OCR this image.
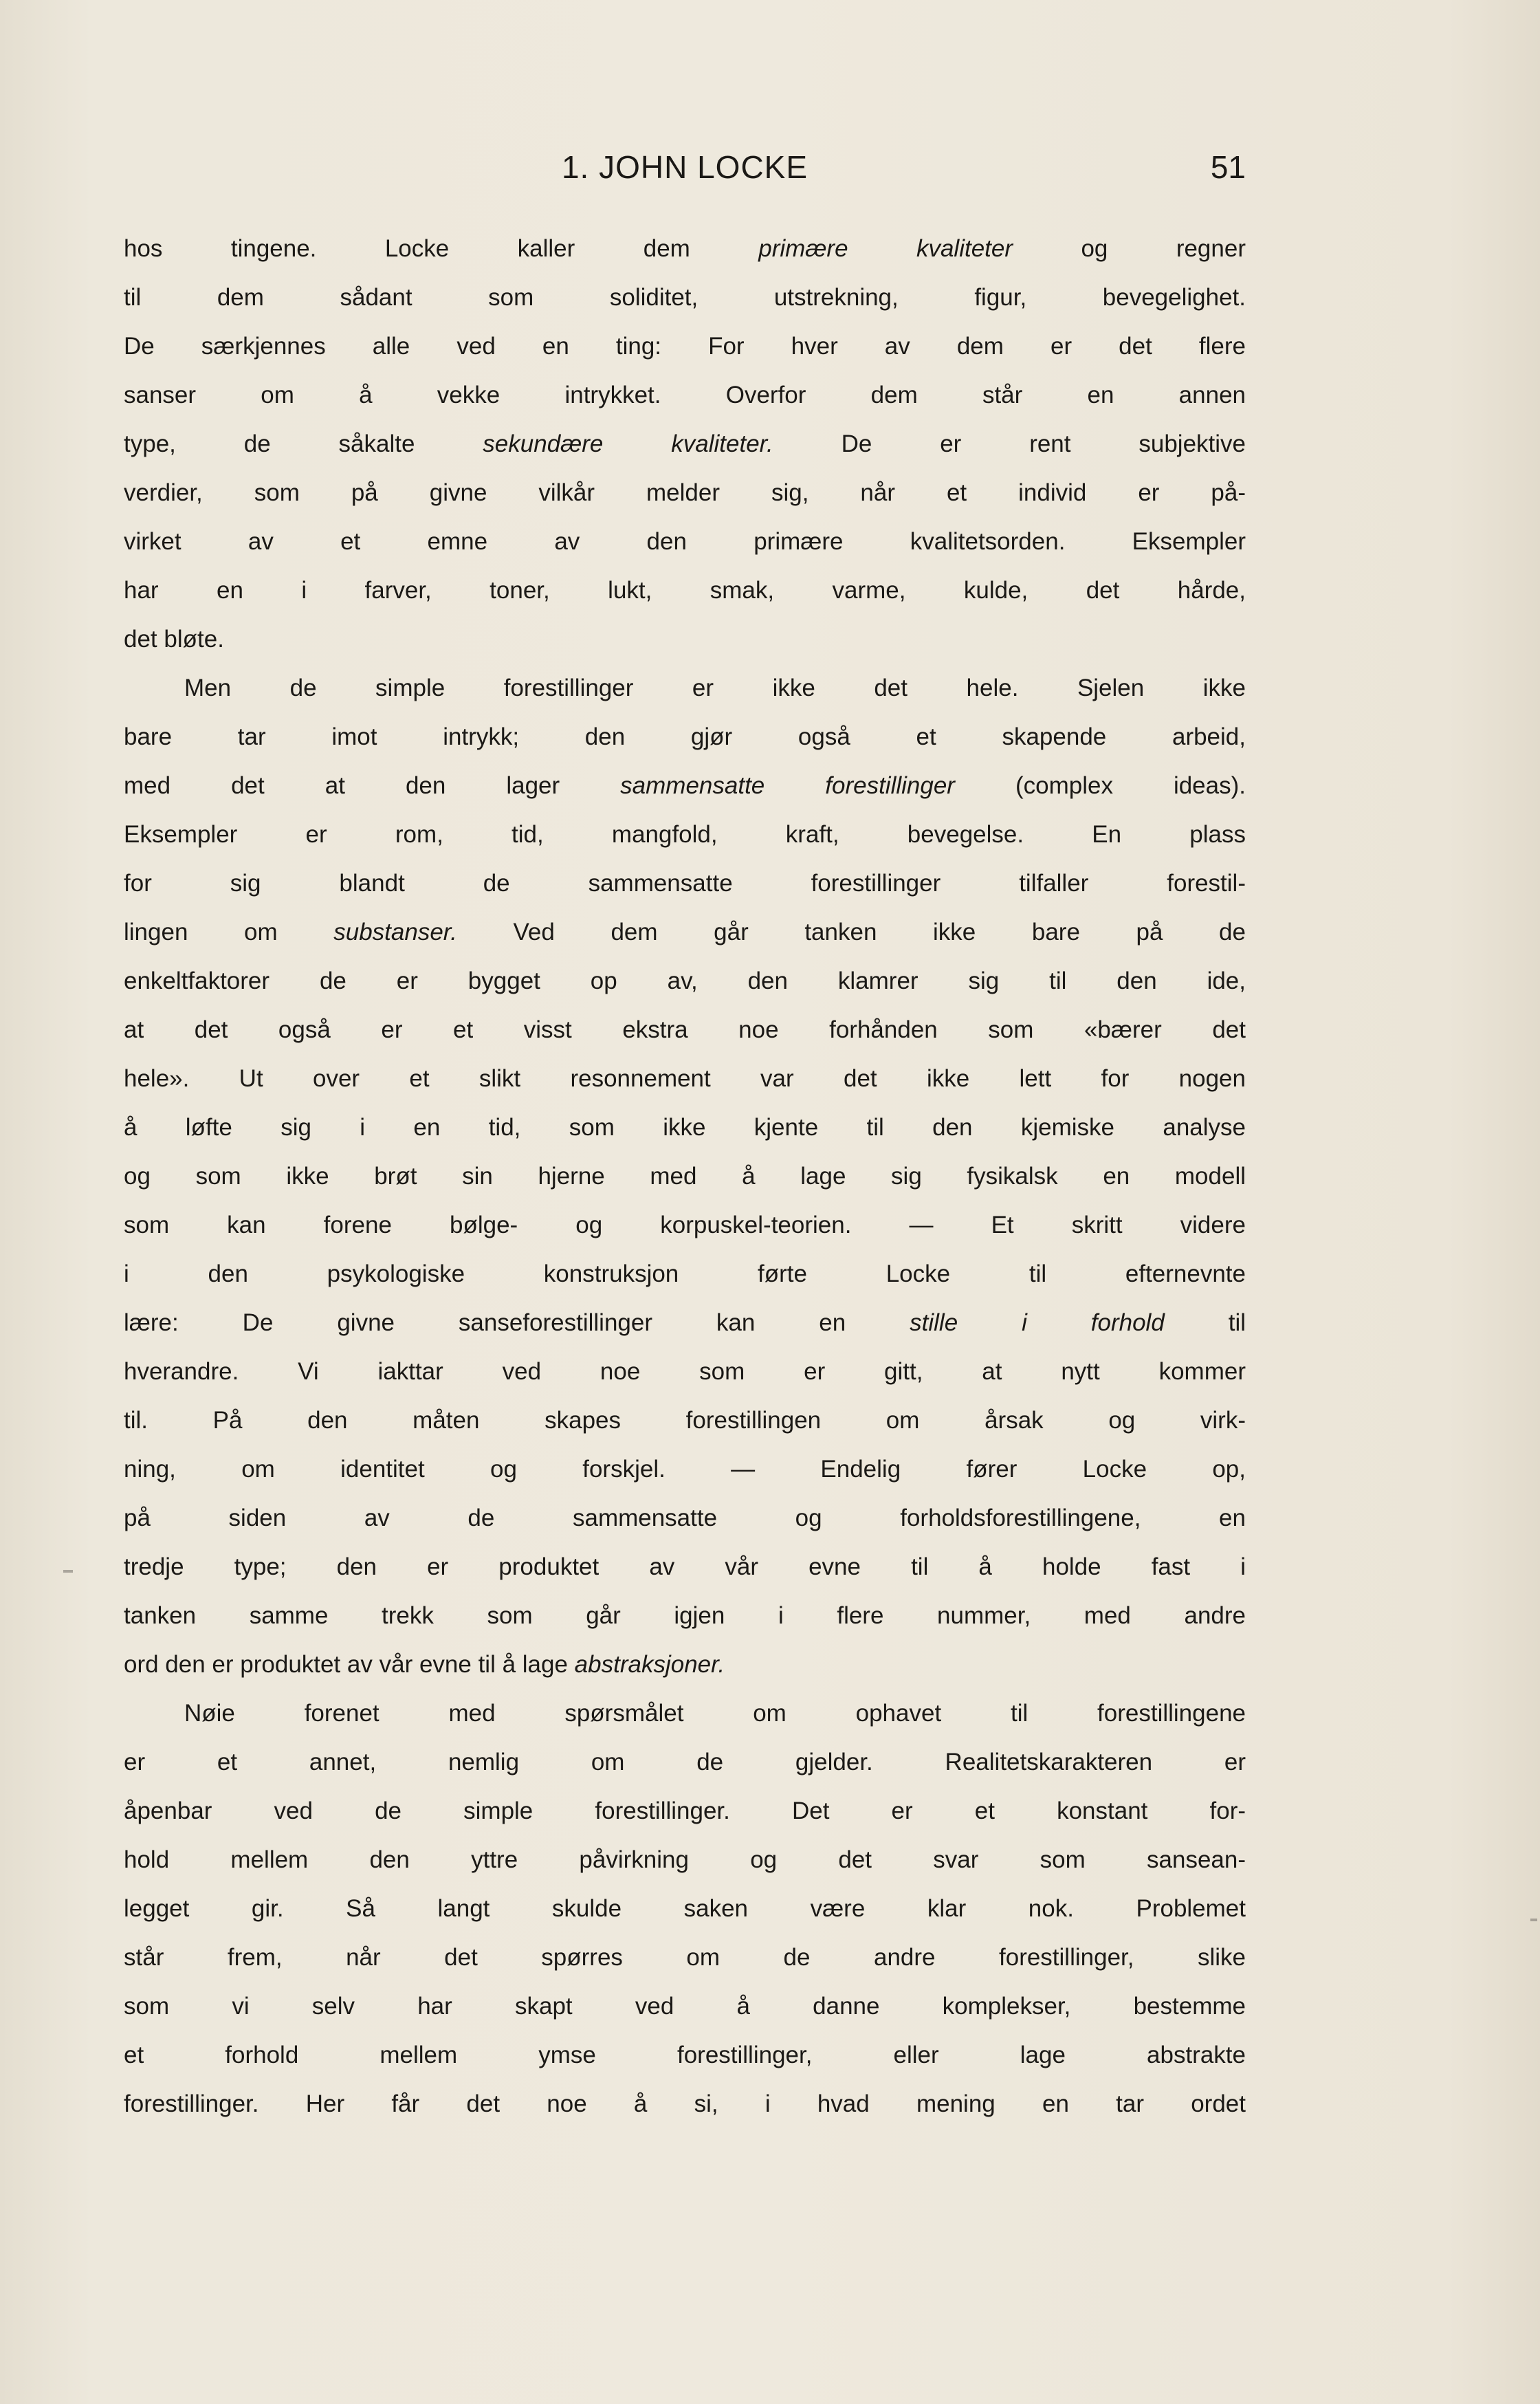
1. JOHN LOCKE	51
hos tingene. Locke kaller dem primære kvaliteter og regner
til dem sådant som soliditet, utstrekning, figur, bevegelighet.
De særkjennes alle ved en ting: For hver av dem er det flere
sanser om å vekke intrykket. Overfor dem står en annen
type, de såkalte sekundære kvaliteter. De er rent subjektive
verdier, som på givne vilkår melder sig, når et individ er på-
virket av et emne av den primære kvalitetsorden. Eksempler
har en i farver, toner, lukt, smak, varme, kulde, det hårde,
det bløte.
Men de simple forestillinger er ikke det hele. Sjelen ikke
bare tar imot intrykk; den gjør også et skapende arbeid,
med det at den lager sammensatte forestillinger (complex ideas).
Eksempler er rom, tid, mangfold, kraft, bevegelse. En plass
for sig blandt de sammensatte forestillinger tilfaller forestil-
lingen om substanser. Ved dem går tanken ikke bare på de
enkeltfaktorer de er bygget op av, den klamrer sig til den ide,
at det også er et visst ekstra noe forhånden som «bærer det
hele». Ut over et slikt resonnement var det ikke lett for nogen
å løfte sig i en tid, som ikke kjente til den kjemiske analyse
og som ikke brøt sin hjerne med å lage sig fysikalsk en modell
som kan forene bølge- og korpuskel-teorien. — Et skritt videre
i den psykologiske konstruksjon førte Locke til efternevnte
lære: De givne sanseforestillinger kan en stille i forhold til
hverandre. Vi iakttar ved noe som er gitt, at nytt kommer
til. På den måten skapes forestillingen om årsak og virk-
ning, om identitet og forskjel. — Endelig fører Locke op,
på siden av de sammensatte og forholdsforestillingene, en
tredje type; den er produktet av vår evne til å holde fast i
tanken samme trekk som går igjen i flere nummer, med andre
ord den er produktet av vår evne til å lage abstraksjoner.
Nøie forenet med spørsmålet om ophavet til forestillingene
er et annet, nemlig om de gjelder. Realitetskarakteren er
åpenbar ved de simple forestillinger. Det er et konstant for-
hold mellem den yttre påvirkning og det svar som sansean-
legget gir. Så langt skulde saken være klar nok. Problemet
står frem, når det spørres om de andre forestillinger, slike
som vi selv har skapt ved å danne komplekser, bestemme
et forhold mellem ymse forestillinger, eller lage abstrakte
forestillinger. Her får det noe å si, i hvad mening en tar ordet
